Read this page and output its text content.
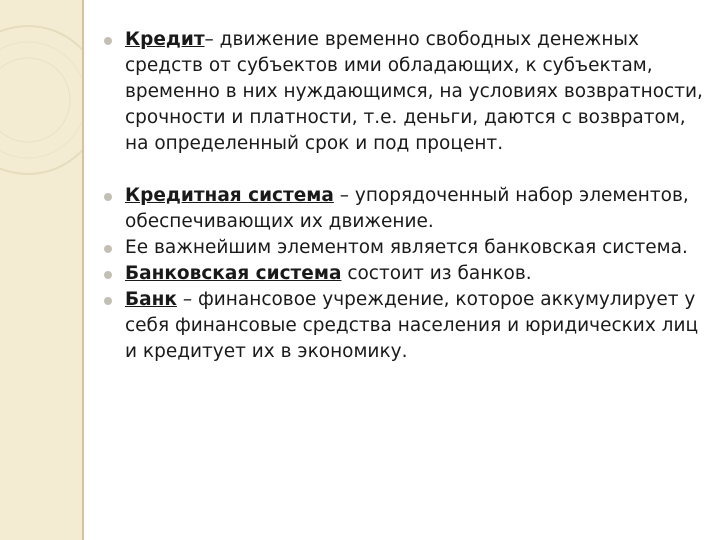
Кредит– движение временно свободных денежных средств от субъектов ими обладающих, к субъектам, временно в них нуждающимся, на условиях возвратности, срочности и платности, т.е. деньги, даются с возвратом, на определенный срок и под процент.
Кредитная система – упорядоченный набор элементов, обеспечивающих их движение.
Ее важнейшим элементом является банковская система.
Банковская система состоит из банков.
Банк – финансовое учреждение, которое аккумулирует у себя финансовые средства населения и юридических лиц и кредитует их в экономику.
